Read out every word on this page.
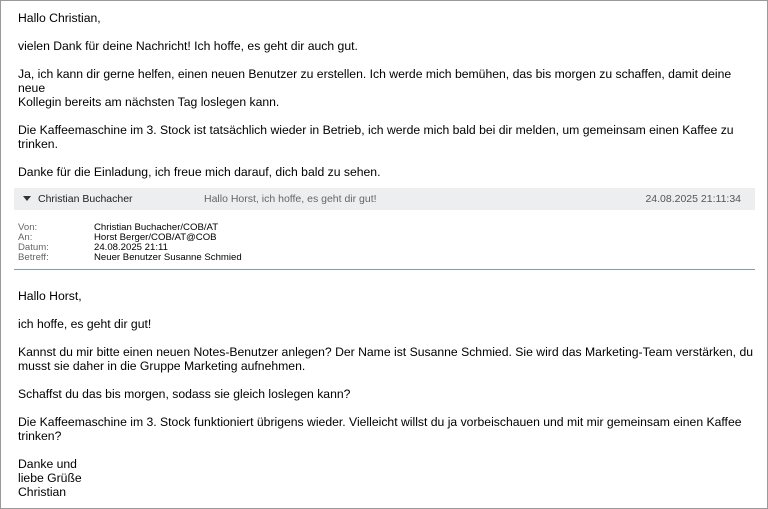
Hallo Christian,

vielen Dank für deine Nachricht! Ich hoffe, es geht dir auch gut.

Ja, ich kann dir gerne helfen, einen neuen Benutzer zu erstellen. Ich werde mich bemühen, das bis morgen zu schaffen, damit deine neue
Kollegin bereits am nächsten Tag loslegen kann.

Die Kaffeemaschine im 3. Stock ist tatsächlich wieder in Betrieb, ich werde mich bald bei dir melden, um gemeinsam einen Kaffee zu trinken.

Danke für die Einladung, ich freue mich darauf, dich bald zu sehen.

Christian Buchacher	Hallo Horst, ich hoffe, es geht dir gut!	24.08.2025 21:11:34
Von:	Christian Buchacher/COB/AT
An:	Horst Berger/COB/AT@COB
Datum:	24.08.2025 21:11
Betreff:	Neuer Benutzer Susanne Schmied

Hallo Horst,

ich hoffe, es geht dir gut!

Kannst du mir bitte einen neuen Notes-Benutzer anlegen? Der Name ist Susanne Schmied. Sie wird das Marketing-Team verstärken, du
musst sie daher in die Gruppe Marketing aufnehmen.

Schaffst du das bis morgen, sodass sie gleich loslegen kann?

Die Kaffeemaschine im 3. Stock funktioniert übrigens wieder. Vielleicht willst du ja vorbeischauen und mit mir gemeinsam einen Kaffee
trinken?

Danke und
liebe Grüße
Christian
